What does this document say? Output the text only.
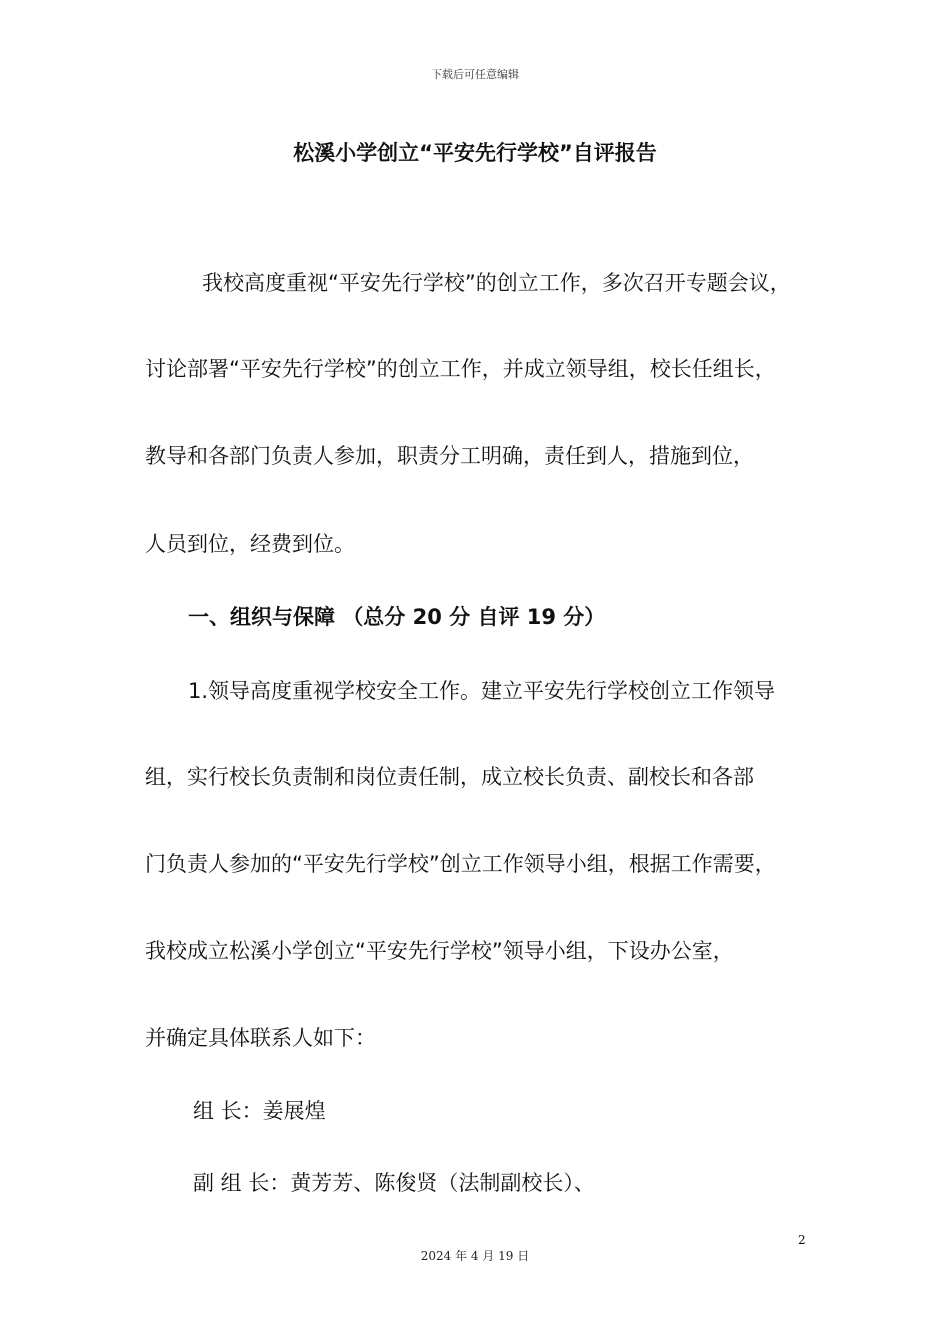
下载后可任意编辑
松溪小学创立“平安先行学校”自评报告
我校高度重视“平安先行学校”的创立工作，多次召开专题会议，
讨论部署“平安先行学校”的创立工作，并成立领导组，校长任组长，
教导和各部门负责人参加，职责分工明确，责任到人，措施到位，
人员到位，经费到位。
一、组织与保障 （总分 20 分 自评 19 分）
1.领导高度重视学校安全工作。建立平安先行学校创立工作领导
组，实行校长负责制和岗位责任制，成立校长负责、副校长和各部
门负责人参加的“平安先行学校”创立工作领导小组，根据工作需要，
我校成立松溪小学创立“平安先行学校”领导小组，下设办公室，
并确定具体联系人如下：
组 长：姜展煌
副 组 长：黄芳芳、陈俊贤（法制副校长）、
2
2024 年 4 月 19 日
